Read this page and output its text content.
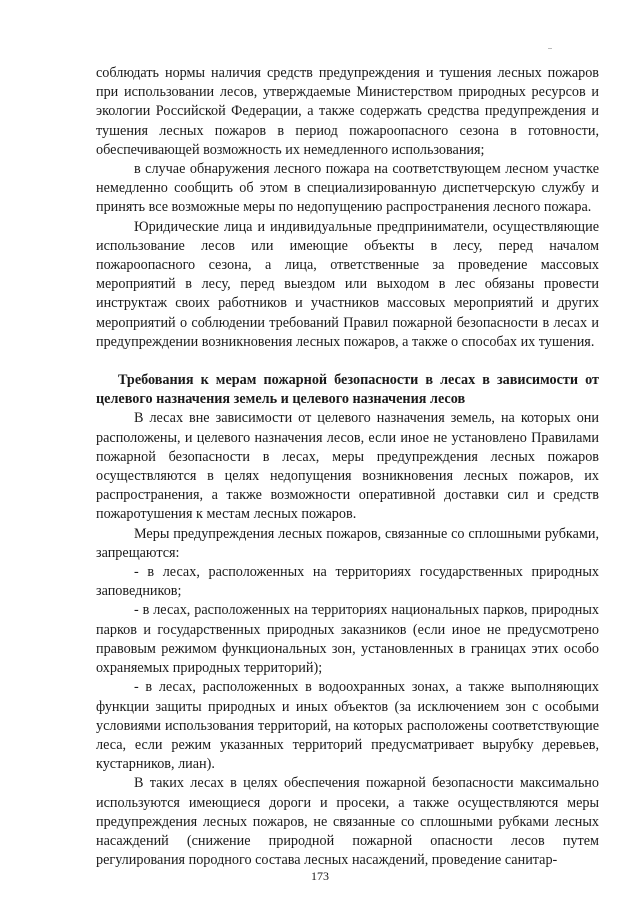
соблюдать нормы наличия средств предупреждения и тушения лесных пожаров при использовании лесов, утверждаемые Министерством природных ресурсов и экологии Российской Федерации, а также содержать средства предупреждения и тушения лесных пожаров в период пожароопасного сезона в готовности, обеспечивающей возможность их немедленного использования;

в случае обнаружения лесного пожара на соответствующем лесном участке немедленно сообщить об этом в специализированную диспетчерскую службу и принять все возможные меры по недопущению распространения лесного пожара.

Юридические лица и индивидуальные предприниматели, осуществляющие использование лесов или имеющие объекты в лесу, перед началом пожароопасного сезона, а лица, ответственные за проведение массовых мероприятий в лесу, перед выездом или выходом в лес обязаны провести инструктаж своих работников и участников массовых мероприятий и других мероприятий о соблюдении требований Правил пожарной безопасности в лесах и предупреждении возникновения лесных пожаров, а также о способах их тушения.

Требования к мерам пожарной безопасности в лесах в зависимости от целевого назначения земель и целевого назначения лесов

В лесах вне зависимости от целевого назначения земель, на которых они расположены, и целевого назначения лесов, если иное не установлено Правилами пожарной безопасности в лесах, меры предупреждения лесных пожаров осуществляются в целях недопущения возникновения лесных пожаров, их распространения, а также возможности оперативной доставки сил и средств пожаротушения к местам лесных пожаров.

Меры предупреждения лесных пожаров, связанные со сплошными рубками, запрещаются:

- в лесах, расположенных на территориях государственных природных заповедников;

- в лесах, расположенных на территориях национальных парков, природных парков и государственных природных заказников (если иное не предусмотрено правовым режимом функциональных зон, установленных в границах этих особо охраняемых природных территорий);

- в лесах, расположенных в водоохранных зонах, а также выполняющих функции защиты природных и иных объектов (за исключением зон с особыми условиями использования территорий, на которых расположены соответствующие леса, если режим указанных территорий предусматривает вырубку деревьев, кустарников, лиан).

В таких лесах в целях обеспечения пожарной безопасности максимально используются имеющиеся дороги и просеки, а также осуществляются меры предупреждения лесных пожаров, не связанные со сплошными рубками лесных насаждений (снижение природной пожарной опасности лесов путем регулирования породного состава лесных насаждений, проведение санитар-

173
